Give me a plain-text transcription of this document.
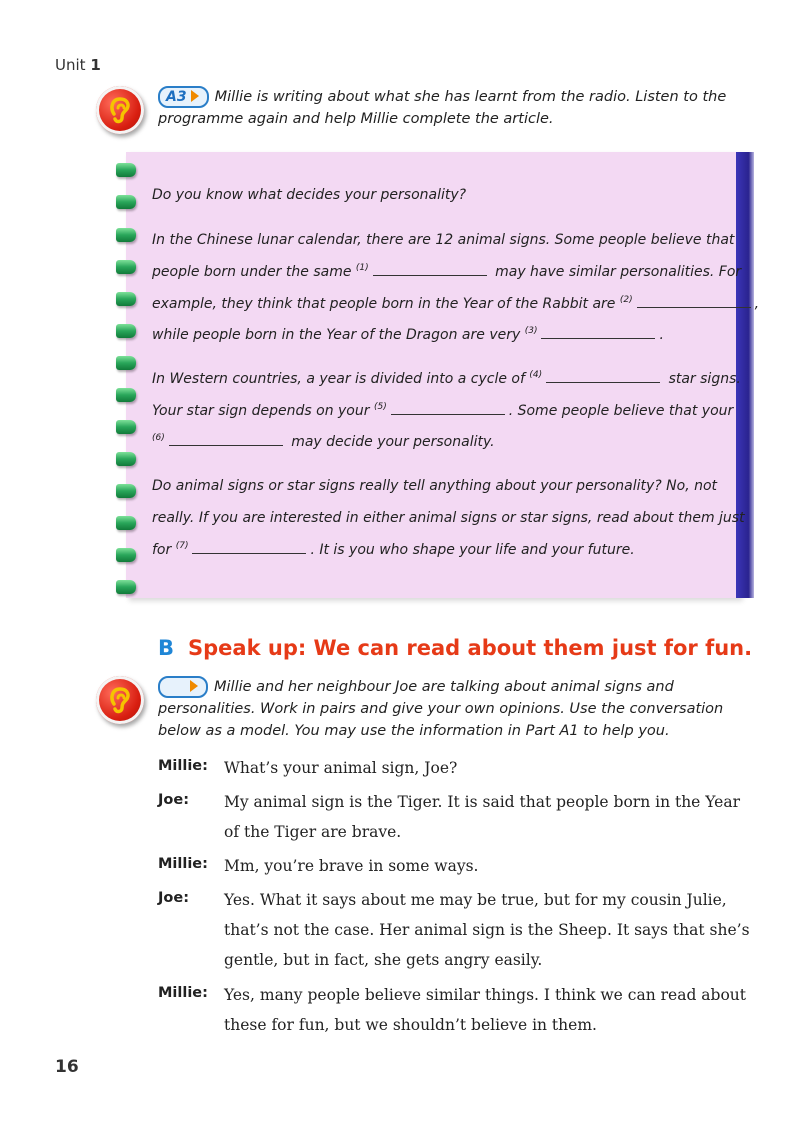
Unit 1
A3 Millie is writing about what she has learnt from the radio. Listen to the programme again and help Millie complete the article.
Do you know what decides your personality?
In the Chinese lunar calendar, there are 12 animal signs. Some people believe that
people born under the same $^{(1)}$	may have similar personalities. For
example, they think that people born in the Year of the Rabbit are $^{(2)}$	,
while people born in the Year of the Dragon are very $^{(3)}$	.
In Western countries, a year is divided into a cycle of $^{(4)}$	star signs.
Your star sign depends on your $^{(5)}$	. Some people believe that your
$^{(6)}$	may decide your personality.
Do animal signs or star signs really tell anything about your personality? No, not
really. If you are interested in either animal signs or star signs, read about them just
for $^{(7)}$	. It is you who shape your life and your future.
B Speak up: We can read about them just for fun.
Millie and her neighbour Joe are talking about animal signs and personalities. Work in pairs and give your own opinions. Use the conversation below as a model. You may use the information in Part A1 to help you.
Millie: What’s your animal sign, Joe?
Joe: My animal sign is the Tiger. It is said that people born in the Year
of the Tiger are brave.
Millie: Mm, you’re brave in some ways.
Joe: Yes. What it says about me may be true, but for my cousin Julie,
that’s not the case. Her animal sign is the Sheep. It says that she’s
gentle, but in fact, she gets angry easily.
Millie: Yes, many people believe similar things. I think we can read about
these for fun, but we shouldn’t believe in them.
16
